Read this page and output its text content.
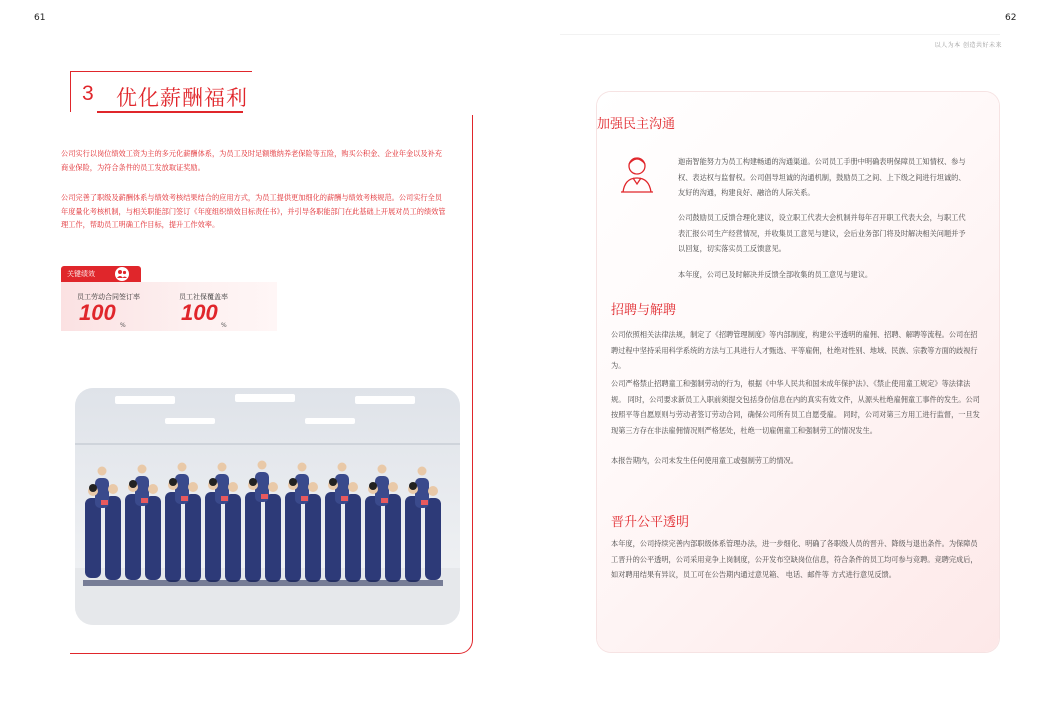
61	62
以人为本 创造共好未来
3 优化薪酬福利
公司实行以岗位绩效工资为主的多元化薪酬体系，为员工及时足额缴纳养老保险等五险，购买公积金、企业年金以及补充商业保险，为符合条件的员工发放取证奖励。
公司完善了职级及薪酬体系与绩效考核结果结合的应用方式，为员工提供更加细化的薪酬与绩效考核规范。公司实行全员年度量化考核机制，与相关职能部门签订《年度组织绩效目标责任书》，并引导各职能部门在此基础上开展对员工的绩效管理工作，帮助员工明确工作目标，提升工作效率。
关键绩效
员工劳动合同签订率
100
%
员工社保覆盖率
100
%
加强民主沟通
迦南智能努力为员工构建畅通的沟通渠道。公司员工手册中明确表明保障员工知情权、参与权、表达权与监督权。公司倡导坦诚的沟通机制，鼓励员工之间、上下级之间进行坦诚的、友好的沟通，构建良好、融洽的人际关系。
公司鼓励员工反馈合理化建议，设立职工代表大会机制并每年召开职工代表大会，与职工代表汇报公司生产经营情况，并收集员工意见与建议，会后业务部门将及时解决相关问题并予以回复，切实落实员工反馈意见。
本年度，公司已及时解决并反馈全部收集的员工意见与建议。
招聘与解聘
公司依照相关法律法规，制定了《招聘管理制度》等内部制度，构建公平透明的雇佣、招聘、解聘等流程。公司在招聘过程中坚持采用科学系统的方法与工具进行人才甄选、平等雇佣，杜绝对性别、地域、民族、宗教等方面的歧视行为。
公司严格禁止招聘童工和强制劳动的行为，根据《中华人民共和国未成年保护法》、《禁止使用童工规定》等法律法规。 同时，公司要求新员工入职前须提交包括身份信息在内的真实有效文件，从源头杜绝雇佣童工事件的发生。公司按照平等自愿原则与劳动者签订劳动合同，确保公司所有员工自愿受雇。 同时，公司对第三方用工进行监督，一旦发现第三方存在非法雇佣情况则严格惩处，杜绝一切雇佣童工和强制劳工的情况发生。
本报告期内，公司未发生任何使用童工或强制劳工的情况。
晋升公平透明
本年度，公司持续完善内部职级体系管理办法，进一步细化、明确了各职级人员的晋升、降级与退出条件。为保障员工晋升的公平透明，公司采用竞争上岗制度，公开发布空缺岗位信息，符合条件的员工均可参与竞聘。竞聘完成后，如对聘用结果有异议，员工可在公告期内通过意见箱、 电话、邮件等 方式进行意见反馈。
